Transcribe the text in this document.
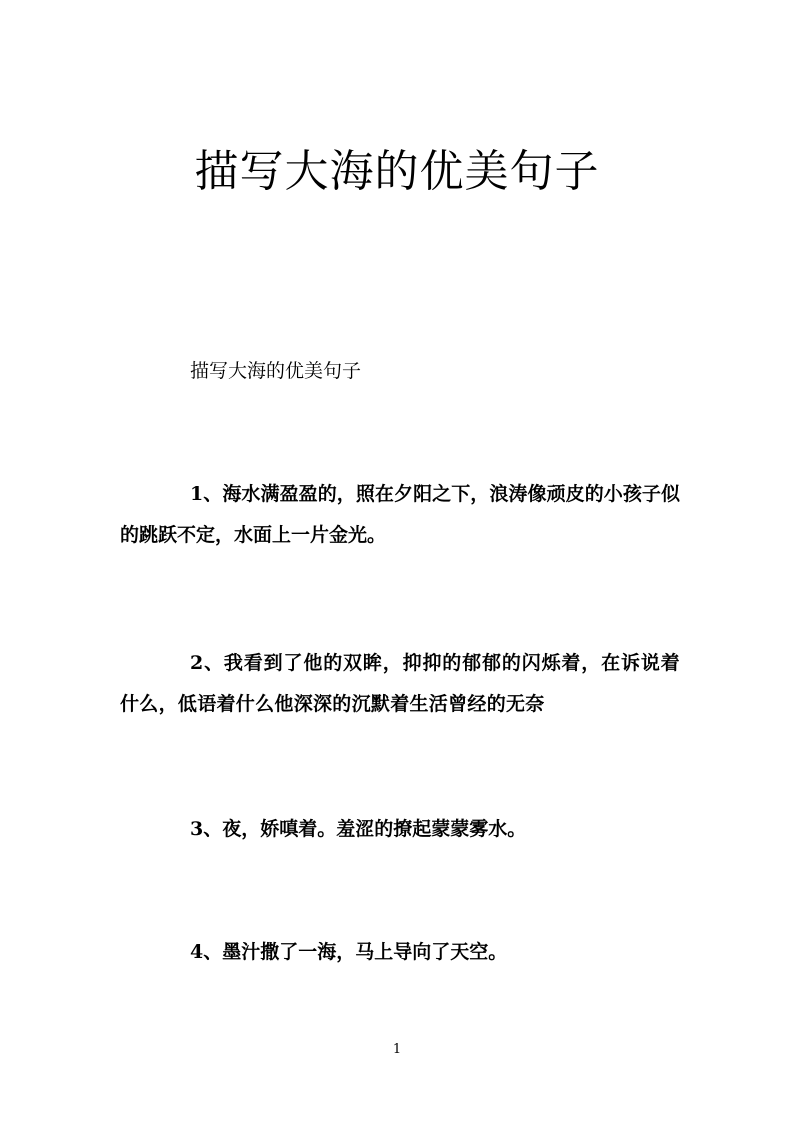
描写大海的优美句子

描写大海的优美句子

1、海水满盈盈的，照在夕阳之下，浪涛像顽皮的小孩子似的跳跃不定，水面上一片金光。

2、我看到了他的双眸，抑抑的郁郁的闪烁着，在诉说着什么，低语着什么他深深的沉默着生活曾经的无奈

3、夜，娇嗔着。羞涩的撩起蒙蒙雾水。

4、墨汁撒了一海，马上导向了天空。

1
